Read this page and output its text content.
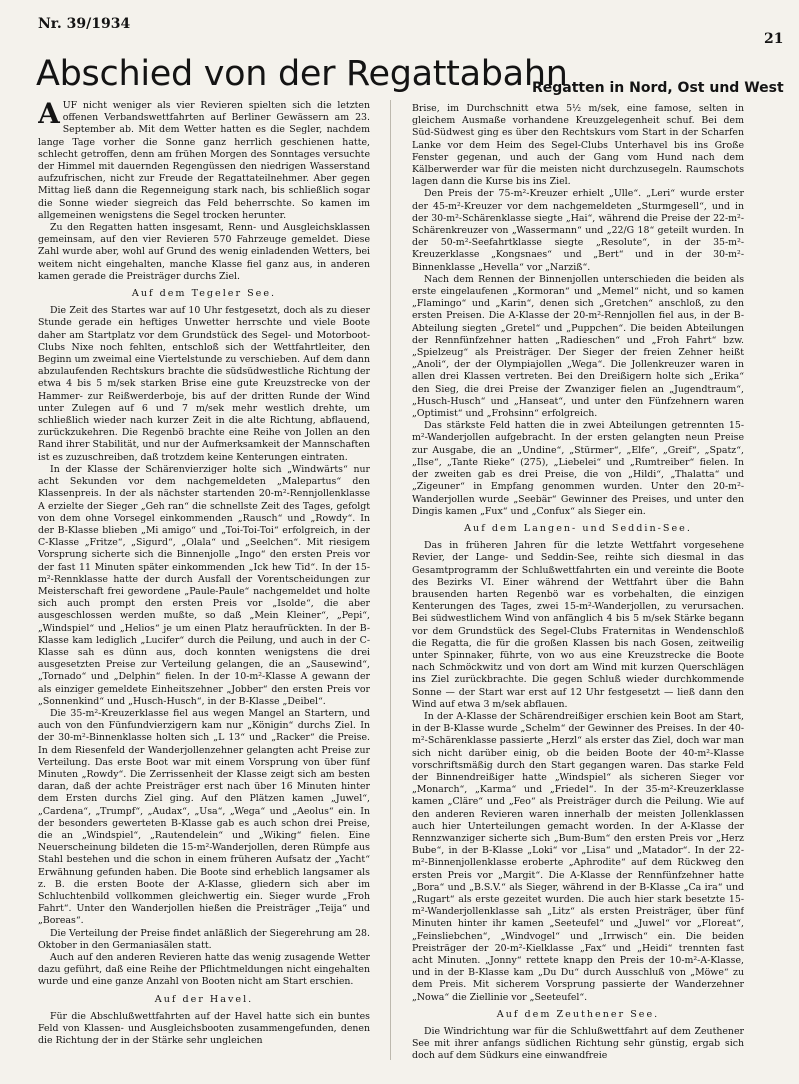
Nr. 39/1934
21
Abschied von der Regattabahn
Regatten in Nord, Ost und West

AUF nicht weniger als vier Revieren spielten sich die letzten offenen Verbandswettfahrten auf Berliner Gewässern am 23. September ab. Mit dem Wetter hatten es die Segler, nachdem lange Tage vorher die Sonne ganz herrlich geschienen hatte, schlecht getroffen, denn am frühen Morgen des Sonntages versuchte der Himmel mit dauernden Regengüssen den niedrigen Wasserstand aufzufrischen, nicht zur Freude der Regattateilnehmer. Aber gegen Mittag ließ dann die Regenneigung stark nach, bis schließlich sogar die Sonne wieder siegreich das Feld beherrschte. So kamen im allgemeinen wenigstens die Segel trocken herunter.

Zu den Regatten hatten insgesamt, Renn- und Ausgleichsklassen gemeinsam, auf den vier Revieren 570 Fahrzeuge gemeldet. Diese Zahl wurde aber, wohl auf Grund des wenig einladenden Wetters, bei weitem nicht eingehalten, manche Klasse fiel ganz aus, in anderen kamen gerade die Preisträger durchs Ziel.

Auf dem Tegeler See.

Die Zeit des Startes war auf 10 Uhr festgesetzt, doch als zu dieser Stunde gerade ein heftiges Unwetter herrschte und viele Boote daher am Startplatz vor dem Grundstück des Segel- und Motorboot-Clubs Nixe noch fehlten, entschloß sich der Wettfahrtleiter, den Beginn um zweimal eine Viertelstunde zu verschieben. Auf dem dann abzulaufenden Rechtskurs brachte die südsüdwestliche Richtung der etwa 4 bis 5 m/sek starken Brise eine gute Kreuzstrecke von der Hammer- zur Reißwerderboje, bis auf der dritten Runde der Wind unter Zulegen auf 6 und 7 m/sek mehr westlich drehte, um schließlich wieder nach kurzer Zeit in die alte Richtung, abflauend, zurückzukehren. Die Regenbö brachte eine Reihe von Jollen an den Rand ihrer Stabilität, und nur der Aufmerksamkeit der Mannschaften ist es zuzuschreiben, daß trotzdem keine Kenterungen eintraten.

In der Klasse der Schärenvierziger holte sich „Windwärts“ nur acht Sekunden vor dem nachgemeldeten „Malepartus“ den Klassenpreis. In der als nächster startenden 20-m²-Rennjollenklasse A erzielte der Sieger „Geh ran“ die schnellste Zeit des Tages, gefolgt von dem ohne Vorsegel einkommenden „Rausch“ und „Rowdy“. In der B-Klasse blieben „Mi amigo“ und „Toi-Toi-Toi“ erfolgreich, in der C-Klasse „Fritze“, „Sigurd“, „Olala“ und „Seelchen“. Mit riesigem Vorsprung sicherte sich die Binnenjolle „Ingo“ den ersten Preis vor der fast 11 Minuten später einkommenden „Ick hew Tid“. In der 15-m²-Rennklasse hatte der durch Ausfall der Vorentscheidungen zur Meisterschaft frei gewordene „Paule-Paule“ nachgemeldet und holte sich auch prompt den ersten Preis vor „Isolde“, die aber ausgeschlossen werden mußte, so daß „Mein Kleiner“, „Pepi“, „Windspiel“ und „Helios“ je um einen Platz heraufrückten. In der B-Klasse kam lediglich „Lucifer“ durch die Peilung, und auch in der C-Klasse sah es dünn aus, doch konnten wenigstens die drei ausgesetzten Preise zur Verteilung gelangen, die an „Sausewind“, „Tornado“ und „Delphin“ fielen. In der 10-m²-Klasse A gewann der als einziger gemeldete Einheitszehner „Jobber“ den ersten Preis vor „Sonnenkind“ und „Husch-Husch“, in der B-Klasse „Deibel“.

Die 35-m²-Kreuzerklasse fiel aus wegen Mangel an Startern, und auch von den Fünfundvierzigern kam nur „Königin“ durchs Ziel. In der 30-m²-Binnenklasse holten sich „L 13“ und „Racker“ die Preise. In dem Riesenfeld der Wanderjollenzehner gelangten acht Preise zur Verteilung. Das erste Boot war mit einem Vorsprung von über fünf Minuten „Rowdy“. Die Zerrissenheit der Klasse zeigt sich am besten daran, daß der achte Preisträger erst nach über 16 Minuten hinter dem Ersten durchs Ziel ging. Auf den Plätzen kamen „Juwel“, „Cardena“, „Trumpf“, „Audax“, „Usa“, „Wega“ und „Aeolus“ ein. In der besonders gewerteten B-Klasse gab es auch schon drei Preise, die an „Windspiel“, „Rautendelein“ und „Wiking“ fielen. Eine Neuerscheinung bildeten die 15-m²-Wanderjollen, deren Rümpfe aus Stahl bestehen und die schon in einem früheren Aufsatz der „Yacht“ Erwähnung gefunden haben. Die Boote sind erheblich langsamer als z. B. die ersten Boote der A-Klasse, gliedern sich aber im Schluchtenbild vollkommen gleichwertig ein. Sieger wurde „Froh Fahrt“. Unter den Wanderjollen hießen die Preisträger „Teija“ und „Boreas“.

Die Verteilung der Preise findet anläßlich der Siegerehrung am 28. Oktober in den Germaniasälen statt.

Auch auf den anderen Revieren hatte das wenig zusagende Wetter dazu geführt, daß eine Reihe der Pflichtmeldungen nicht eingehalten wurde und eine ganze Anzahl von Booten nicht am Start erschien.

Auf der Havel.

Für die Abschlußwettfahrten auf der Havel hatte sich ein buntes Feld von Klassen- und Ausgleichsbooten zusammengefunden, denen die Richtung der in der Stärke sehr ungleichen

Brise, im Durchschnitt etwa 5½ m/sek, eine famose, selten in gleichem Ausmaße vorhandene Kreuzgelegenheit schuf. Bei dem Süd-Südwest ging es über den Rechtskurs vom Start in der Scharfen Lanke vor dem Heim des Segel-Clubs Unterhavel bis ins Große Fenster gegenan, und auch der Gang vom Hund nach dem Kälberwerder war für die meisten nicht durchzusegeln. Raumschots lagen dann die Kurse bis ins Ziel.

Den Preis der 75-m²-Kreuzer erhielt „Ulle“. „Leri“ wurde erster der 45-m²-Kreuzer vor dem nachgemeldeten „Sturmgesell“, und in der 30-m²-Schärenklasse siegte „Hai“, während die Preise der 22-m²-Schärenkreuzer von „Wassermann“ und „22/G 18“ geteilt wurden. In der 50-m²-Seefahrtklasse siegte „Resolute“, in der 35-m²-Kreuzerklasse „Kongsnaes“ und „Bert“ und in der 30-m²-Binnenklasse „Hevella“ vor „Narziß“.

Nach dem Rennen der Binnenjollen unterschieden die beiden als erste eingelaufenen „Kormoran“ und „Memel“ nicht, und so kamen „Flamingo“ und „Karin“, denen sich „Gretchen“ anschloß, zu den ersten Preisen. Die A-Klasse der 20-m²-Rennjollen fiel aus, in der B-Abteilung siegten „Gretel“ und „Puppchen“. Die beiden Abteilungen der Rennfünfzehner hatten „Radieschen“ und „Froh Fahrt“ bzw. „Spielzeug“ als Preisträger. Der Sieger der freien Zehner heißt „Anoli“, der der Olympiajollen „Wega“. Die Jollenkreuzer waren in allen drei Klassen vertreten. Bei den Dreißigern holte sich „Erika“ den Sieg, die drei Preise der Zwanziger fielen an „Jugendtraum“, „Husch-Husch“ und „Hanseat“, und unter den Fünfzehnern waren „Optimist“ und „Frohsinn“ erfolgreich.

Das stärkste Feld hatten die in zwei Abteilungen getrennten 15-m²-Wanderjollen aufgebracht. In der ersten gelangten neun Preise zur Ausgabe, die an „Undine“, „Stürmer“, „Elfe“, „Greif“, „Spatz“, „Ilse“, „Tante Rieke“ (275), „Liebelei“ und „Rumtreiber“ fielen. In der zweiten gab es drei Preise, die von „Hildi“, „Thalatta“ und „Zigeuner“ in Empfang genommen wurden. Unter den 20-m²-Wanderjollen wurde „Seebär“ Gewinner des Preises, und unter den Dingis kamen „Fux“ und „Confux“ als Sieger ein.

Auf dem Langen- und Seddin-See.

Das in früheren Jahren für die letzte Wettfahrt vorgesehene Revier, der Lange- und Seddin-See, reihte sich diesmal in das Gesamtprogramm der Schlußwettfahrten ein und vereinte die Boote des Bezirks VI. Einer während der Wettfahrt über die Bahn brausenden harten Regenbö war es vorbehalten, die einzigen Kenterungen des Tages, zwei 15-m²-Wanderjollen, zu verursachen. Bei südwestlichem Wind von anfänglich 4 bis 5 m/sek Stärke begann vor dem Grundstück des Segel-Clubs Fraternitas in Wendenschloß die Regatta, die für die großen Klassen bis nach Gosen, zeitweilig unter Spinnaker, führte, von wo aus eine Kreuzstrecke die Boote nach Schmöckwitz und von dort am Wind mit kurzen Querschlägen ins Ziel zurückbrachte. Die gegen Schluß wieder durchkommende Sonne — der Start war erst auf 12 Uhr festgesetzt — ließ dann den Wind auf etwa 3 m/sek abflauen.

In der A-Klasse der Schärendreißiger erschien kein Boot am Start, in der B-Klasse wurde „Schelm“ der Gewinner des Preises. In der 40-m²-Schärenklasse passierte „Herzl“ als erster das Ziel, doch war man sich nicht darüber einig, ob die beiden Boote der 40-m²-Klasse vorschriftsmäßig durch den Start gegangen waren. Das starke Feld der Binnendreißiger hatte „Windspiel“ als sicheren Sieger vor „Monarch“, „Karma“ und „Friedel“. In der 35-m²-Kreuzerklasse kamen „Cläre“ und „Feo“ als Preisträger durch die Peilung. Wie auf den anderen Revieren waren innerhalb der meisten Jollenklassen auch hier Unterteilungen gemacht worden. In der A-Klasse der Rennzwanziger sicherte sich „Bum-Bum“ den ersten Preis vor „Herz Bube“, in der B-Klasse „Loki“ vor „Lisa“ und „Matador“. In der 22-m²-Binnenjollenklasse eroberte „Aphrodite“ auf dem Rückweg den ersten Preis vor „Margit“. Die A-Klasse der Rennfünfzehner hatte „Bora“ und „B.S.V.“ als Sieger, während in der B-Klasse „Ca ira“ und „Rugart“ als erste gezeitet wurden. Die auch hier stark besetzte 15-m²-Wanderjollenklasse sah „Litz“ als ersten Preisträger, über fünf Minuten hinter ihr kamen „Seeteufel“ und „Juwel“ vor „Floreat“, „Feinsliebchen“, „Windvogel“ und „Irrwisch“ ein. Die beiden Preisträger der 20-m²-Kielklasse „Fax“ und „Heidi“ trennten fast acht Minuten. „Jonny“ rettete knapp den Preis der 10-m²-A-Klasse, und in der B-Klasse kam „Du Du“ durch Ausschluß von „Möwe“ zu dem Preis. Mit sicherem Vorsprung passierte der Wanderzehner „Nowa“ die Ziellinie vor „Seeteufel“.

Auf dem Zeuthener See.

Die Windrichtung war für die Schlußwettfahrt auf dem Zeuthener See mit ihrer anfangs südlichen Richtung sehr günstig, ergab sich doch auf dem Südkurs eine einwandfreie
